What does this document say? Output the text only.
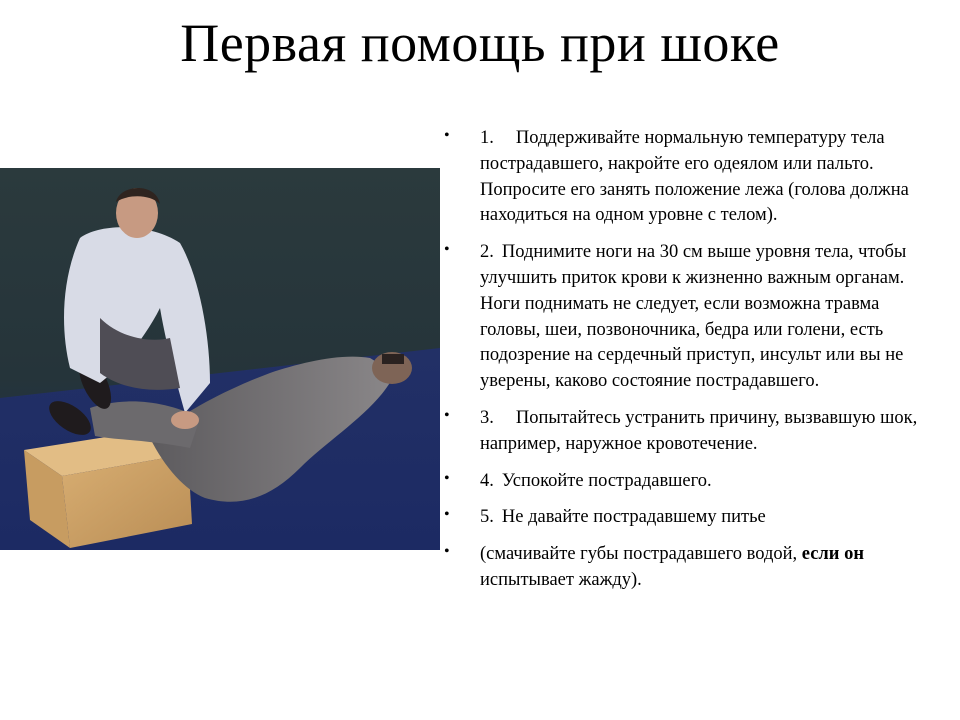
Первая помощь при шоке
• 1. Поддерживайте нормальную температуру тела пострадавшего, накройте его одеялом или пальто. Попросите его занять положение лежа (голова должна находиться на одном уровне с телом).
• 2. Поднимите ноги на 30 см выше уровня тела, чтобы улучшить приток крови к жизненно важным органам. Ноги поднимать не следует, если возможна травма головы, шеи, позвоночника, бедра или голени, есть подозрение на сердечный приступ, инсульт или вы не уверены, каково состояние пострадавшего.
• 3. Попытайтесь устранить причину, вызвавшую шок, например, наружное кровотечение.
• 4. Успокойте пострадавшего.
• 5. Не давайте пострадавшему питье
• (смачивайте губы пострадавшего водой, если он испытывает жажду).
